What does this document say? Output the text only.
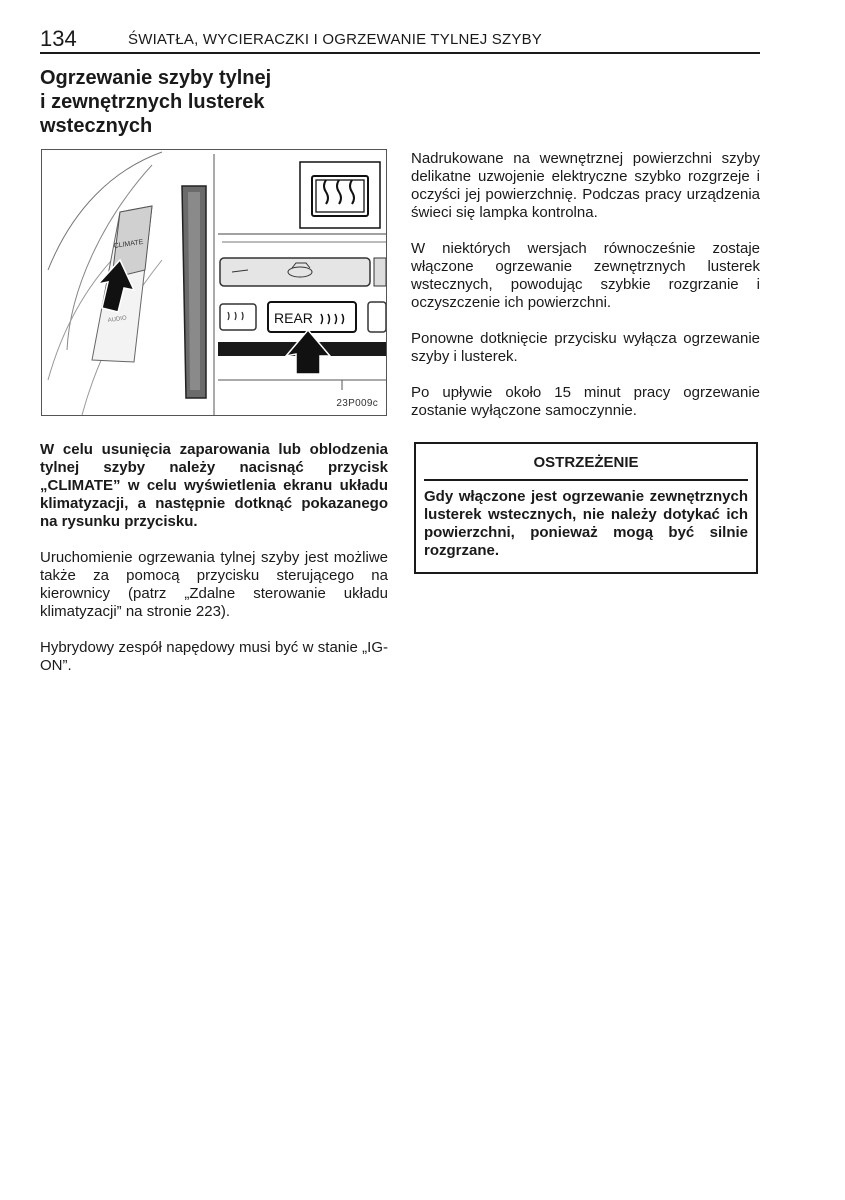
134	ŚWIATŁA, WYCIERACZKI I OGRZEWANIE TYLNEJ SZYBY
Ogrzewanie szyby tylnej
i zewnętrznych lusterek
wstecznych
CLIMATE
AUDIO	REAR
23P009c

W celu usunięcia zaparowania lub oblodzenia tylnej szyby należy nacisnąć przycisk „CLIMATE” w celu wyświetlenia ekranu układu klimatyzacji, a następnie dotknąć pokazanego na rysunku przycisku.

Uruchomienie ogrzewania tylnej szyby jest możliwe także za pomocą przycisku sterującego na kierownicy (patrz „Zdalne sterowanie układu klimatyzacji” na stronie 223).

Hybrydowy zespół napędowy musi być w stanie „IG- ON”.

Nadrukowane na wewnętrznej powierzchni szyby delikatne uzwojenie elektryczne szybko rozgrzeje i oczyści jej powierzchnię. Podczas pracy urządzenia świeci się lampka kontrolna.

W niektórych wersjach równocześnie zostaje włączone ogrzewanie zewnętrznych lusterek wstecznych, powodując szybkie rozgrzanie i oczyszczenie ich powierzchni.

Ponowne dotknięcie przycisku wyłącza ogrzewanie szyby i lusterek.

Po upływie około 15 minut pracy ogrzewanie zostanie wyłączone samoczynnie.

OSTRZEŻENIE
Gdy włączone jest ogrzewanie zewnętrznych lusterek wstecznych, nie należy dotykać ich powierzchni, ponieważ mogą być silnie rozgrzane.
